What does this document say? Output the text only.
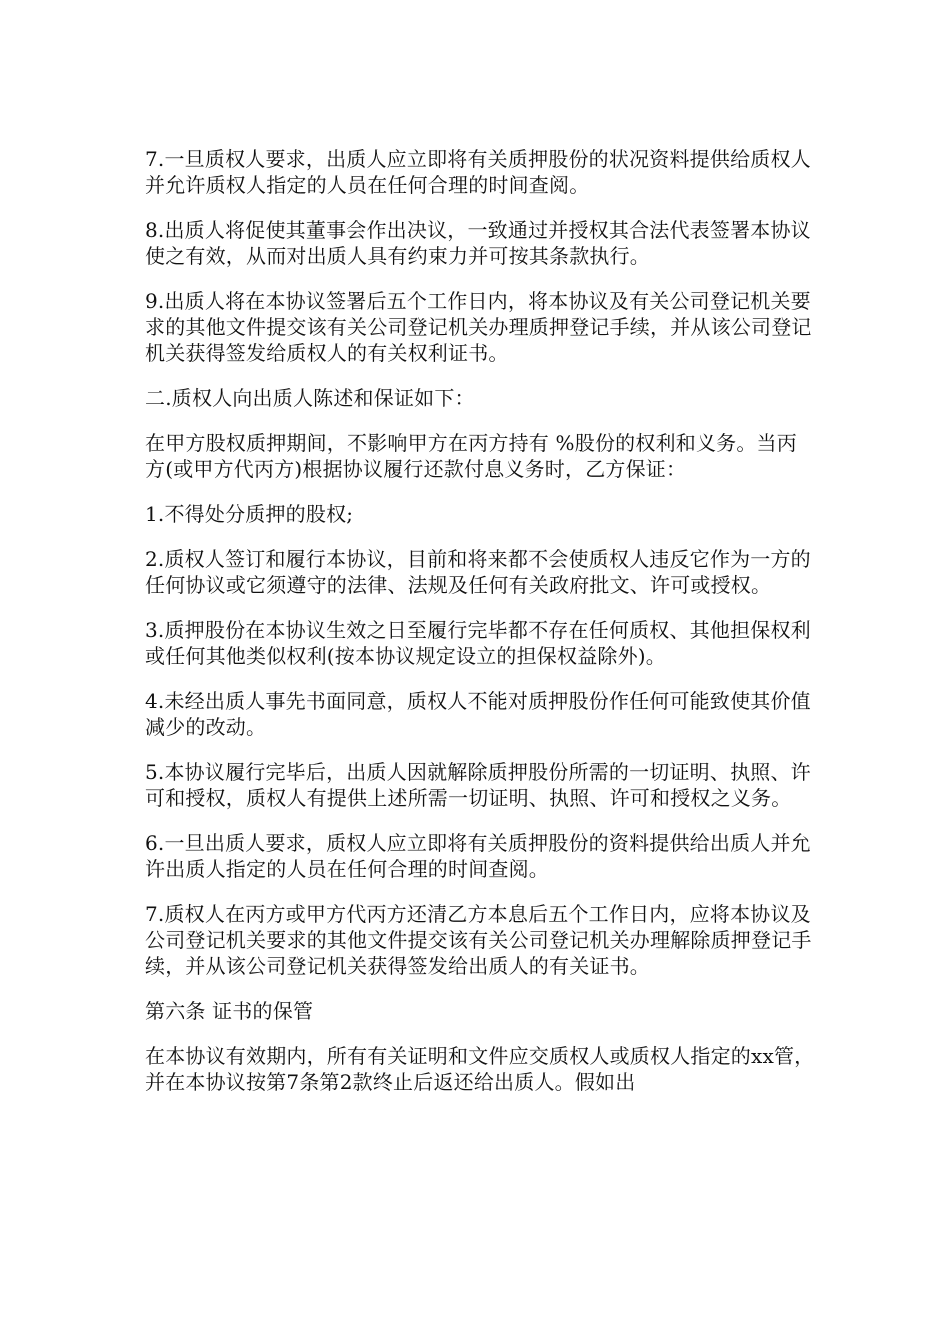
7.一旦质权人要求，出质人应立即将有关质押股份的状况资料提供给质权人并允许质权人指定的人员在任何合理的时间查阅。

8.出质人将促使其董事会作出决议，一致通过并授权其合法代表签署本协议使之有效，从而对出质人具有约束力并可按其条款执行。

9.出质人将在本协议签署后五个工作日内，将本协议及有关公司登记机关要求的其他文件提交该有关公司登记机关办理质押登记手续，并从该公司登记机关获得签发给质权人的有关权利证书。

二.质权人向出质人陈述和保证如下：

在甲方股权质押期间，不影响甲方在丙方持有 %股份的权利和义务。当丙方(或甲方代丙方)根据协议履行还款付息义务时，乙方保证：

1.不得处分质押的股权;

2.质权人签订和履行本协议，目前和将来都不会使质权人违反它作为一方的任何协议或它须遵守的法律、法规及任何有关政府批文、许可或授权。

3.质押股份在本协议生效之日至履行完毕都不存在任何质权、其他担保权利或任何其他类似权利(按本协议规定设立的担保权益除外)。

4.未经出质人事先书面同意，质权人不能对质押股份作任何可能致使其价值减少的改动。

5.本协议履行完毕后，出质人因就解除质押股份所需的一切证明、执照、许可和授权，质权人有提供上述所需一切证明、执照、许可和授权之义务。

6.一旦出质人要求，质权人应立即将有关质押股份的资料提供给出质人并允许出质人指定的人员在任何合理的时间查阅。

7.质权人在丙方或甲方代丙方还清乙方本息后五个工作日内，应将本协议及公司登记机关要求的其他文件提交该有关公司登记机关办理解除质押登记手续，并从该公司登记机关获得签发给出质人的有关证书。

第六条 证书的保管

在本协议有效期内，所有有关证明和文件应交质权人或质权人指定的xx管，并在本协议按第7条第2款终止后返还给出质人。假如出
